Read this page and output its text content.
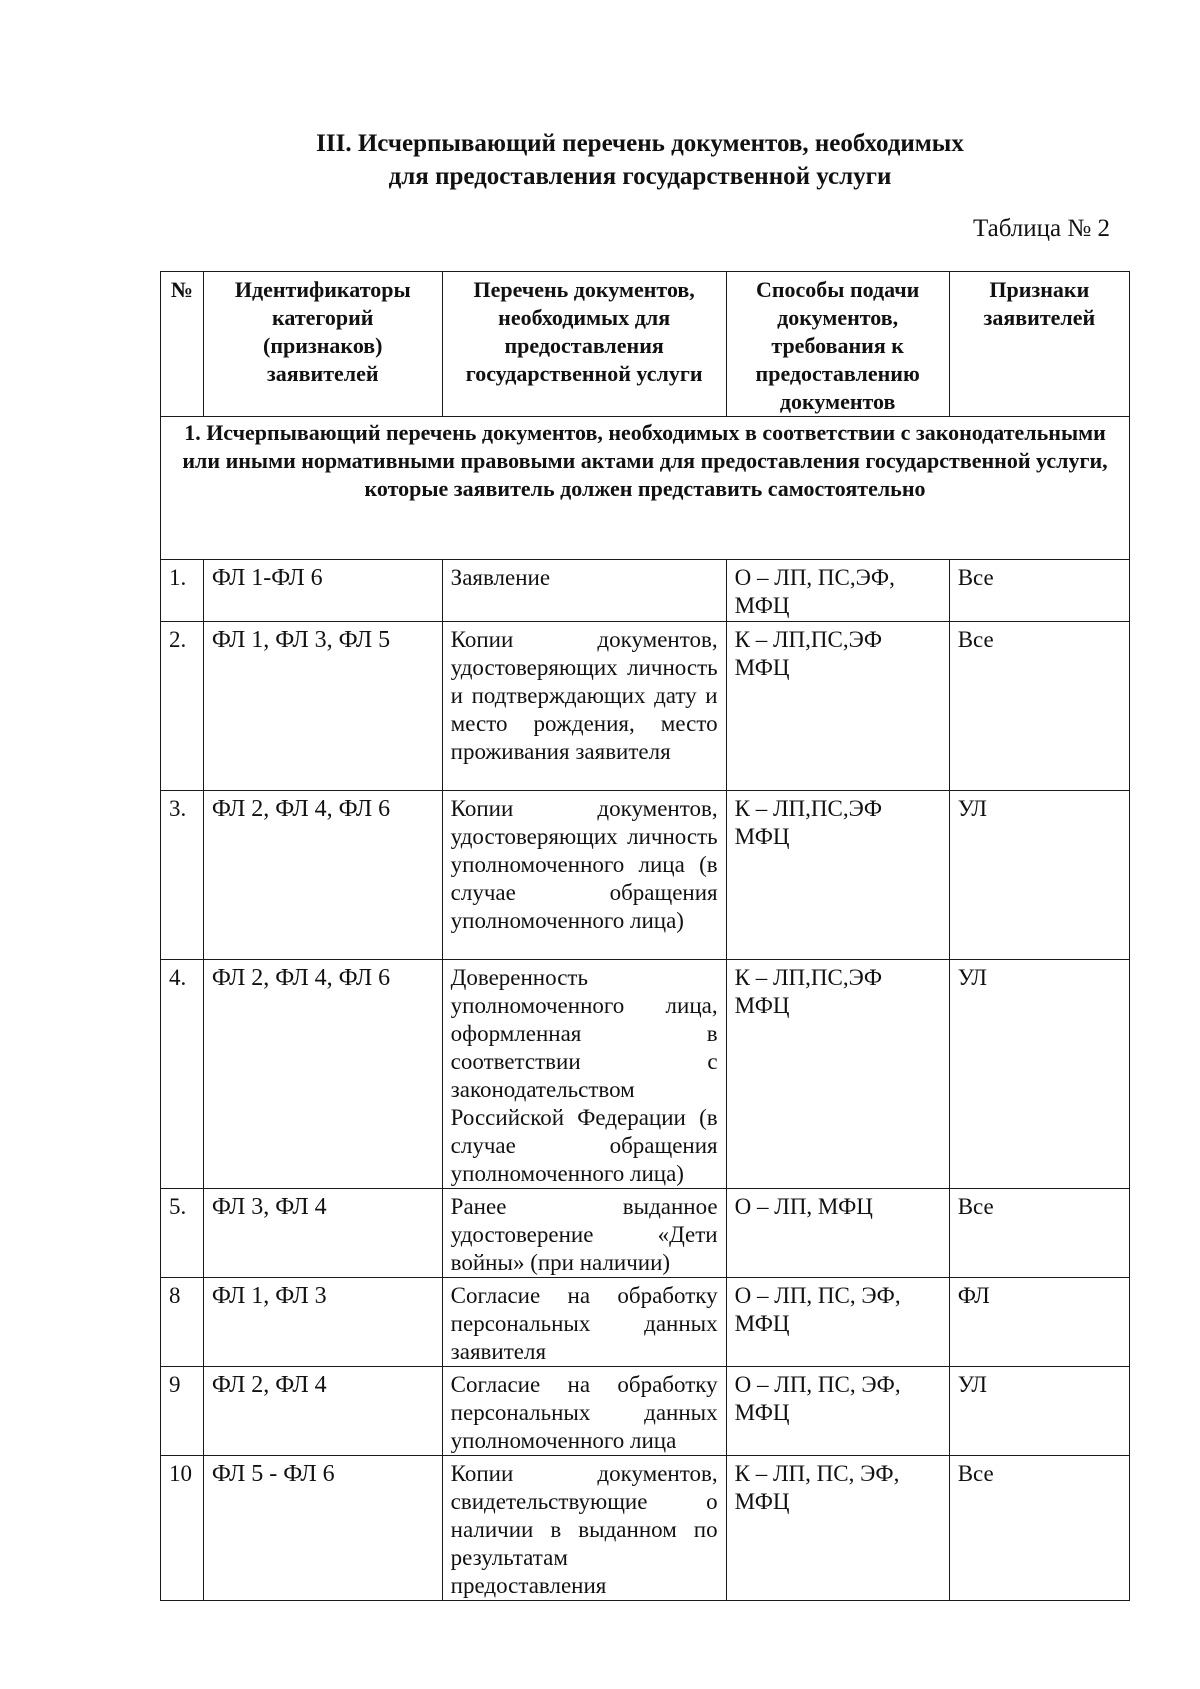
III. Исчерпывающий перечень документов, необходимых
для предоставления государственной услуги
Таблица № 2
№	Идентификаторы категорий (признаков) заявителей	Перечень документов, необходимых для предоставления государственной услуги	Способы подачи документов, требования к предоставлению документов	Признаки заявителей
1. Исчерпывающий перечень документов, необходимых в соответствии с законодательными или иными нормативными правовыми актами для предоставления государственной услуги, которые заявитель должен представить самостоятельно				
1.	ФЛ 1-ФЛ 6	Заявление	О – ЛП, ПС,ЭФ, МФЦ	Все
2.	ФЛ 1, ФЛ 3, ФЛ 5	Копии документов, удостоверяющих личность и подтверждающих дату и место рождения, место проживания заявителя	К – ЛП,ПС,ЭФ МФЦ	Все
3.	ФЛ 2, ФЛ 4, ФЛ 6	Копии документов, удостоверяющих личность уполномоченного лица (в случае обращения уполномоченного лица)	К – ЛП,ПС,ЭФ МФЦ	УЛ
4.	ФЛ 2, ФЛ 4, ФЛ 6	Доверенность уполномоченного лица, оформленная в соответствии с законодательством Российской Федерации (в случае обращения уполномоченного лица)	К – ЛП,ПС,ЭФ МФЦ	УЛ
5.	ФЛ 3, ФЛ 4	Ранее выданное удостоверение «Дети войны» (при наличии)	О – ЛП, МФЦ	Все
8	ФЛ 1, ФЛ 3	Согласие на обработку персональных данных заявителя	О – ЛП, ПС, ЭФ, МФЦ	ФЛ
9	ФЛ 2, ФЛ 4	Согласие на обработку персональных данных уполномоченного лица	О – ЛП, ПС, ЭФ, МФЦ	УЛ
10	ФЛ 5 - ФЛ 6	Копии документов, свидетельствующие о наличии в выданном по результатам предоставления	К – ЛП, ПС, ЭФ, МФЦ	Все
